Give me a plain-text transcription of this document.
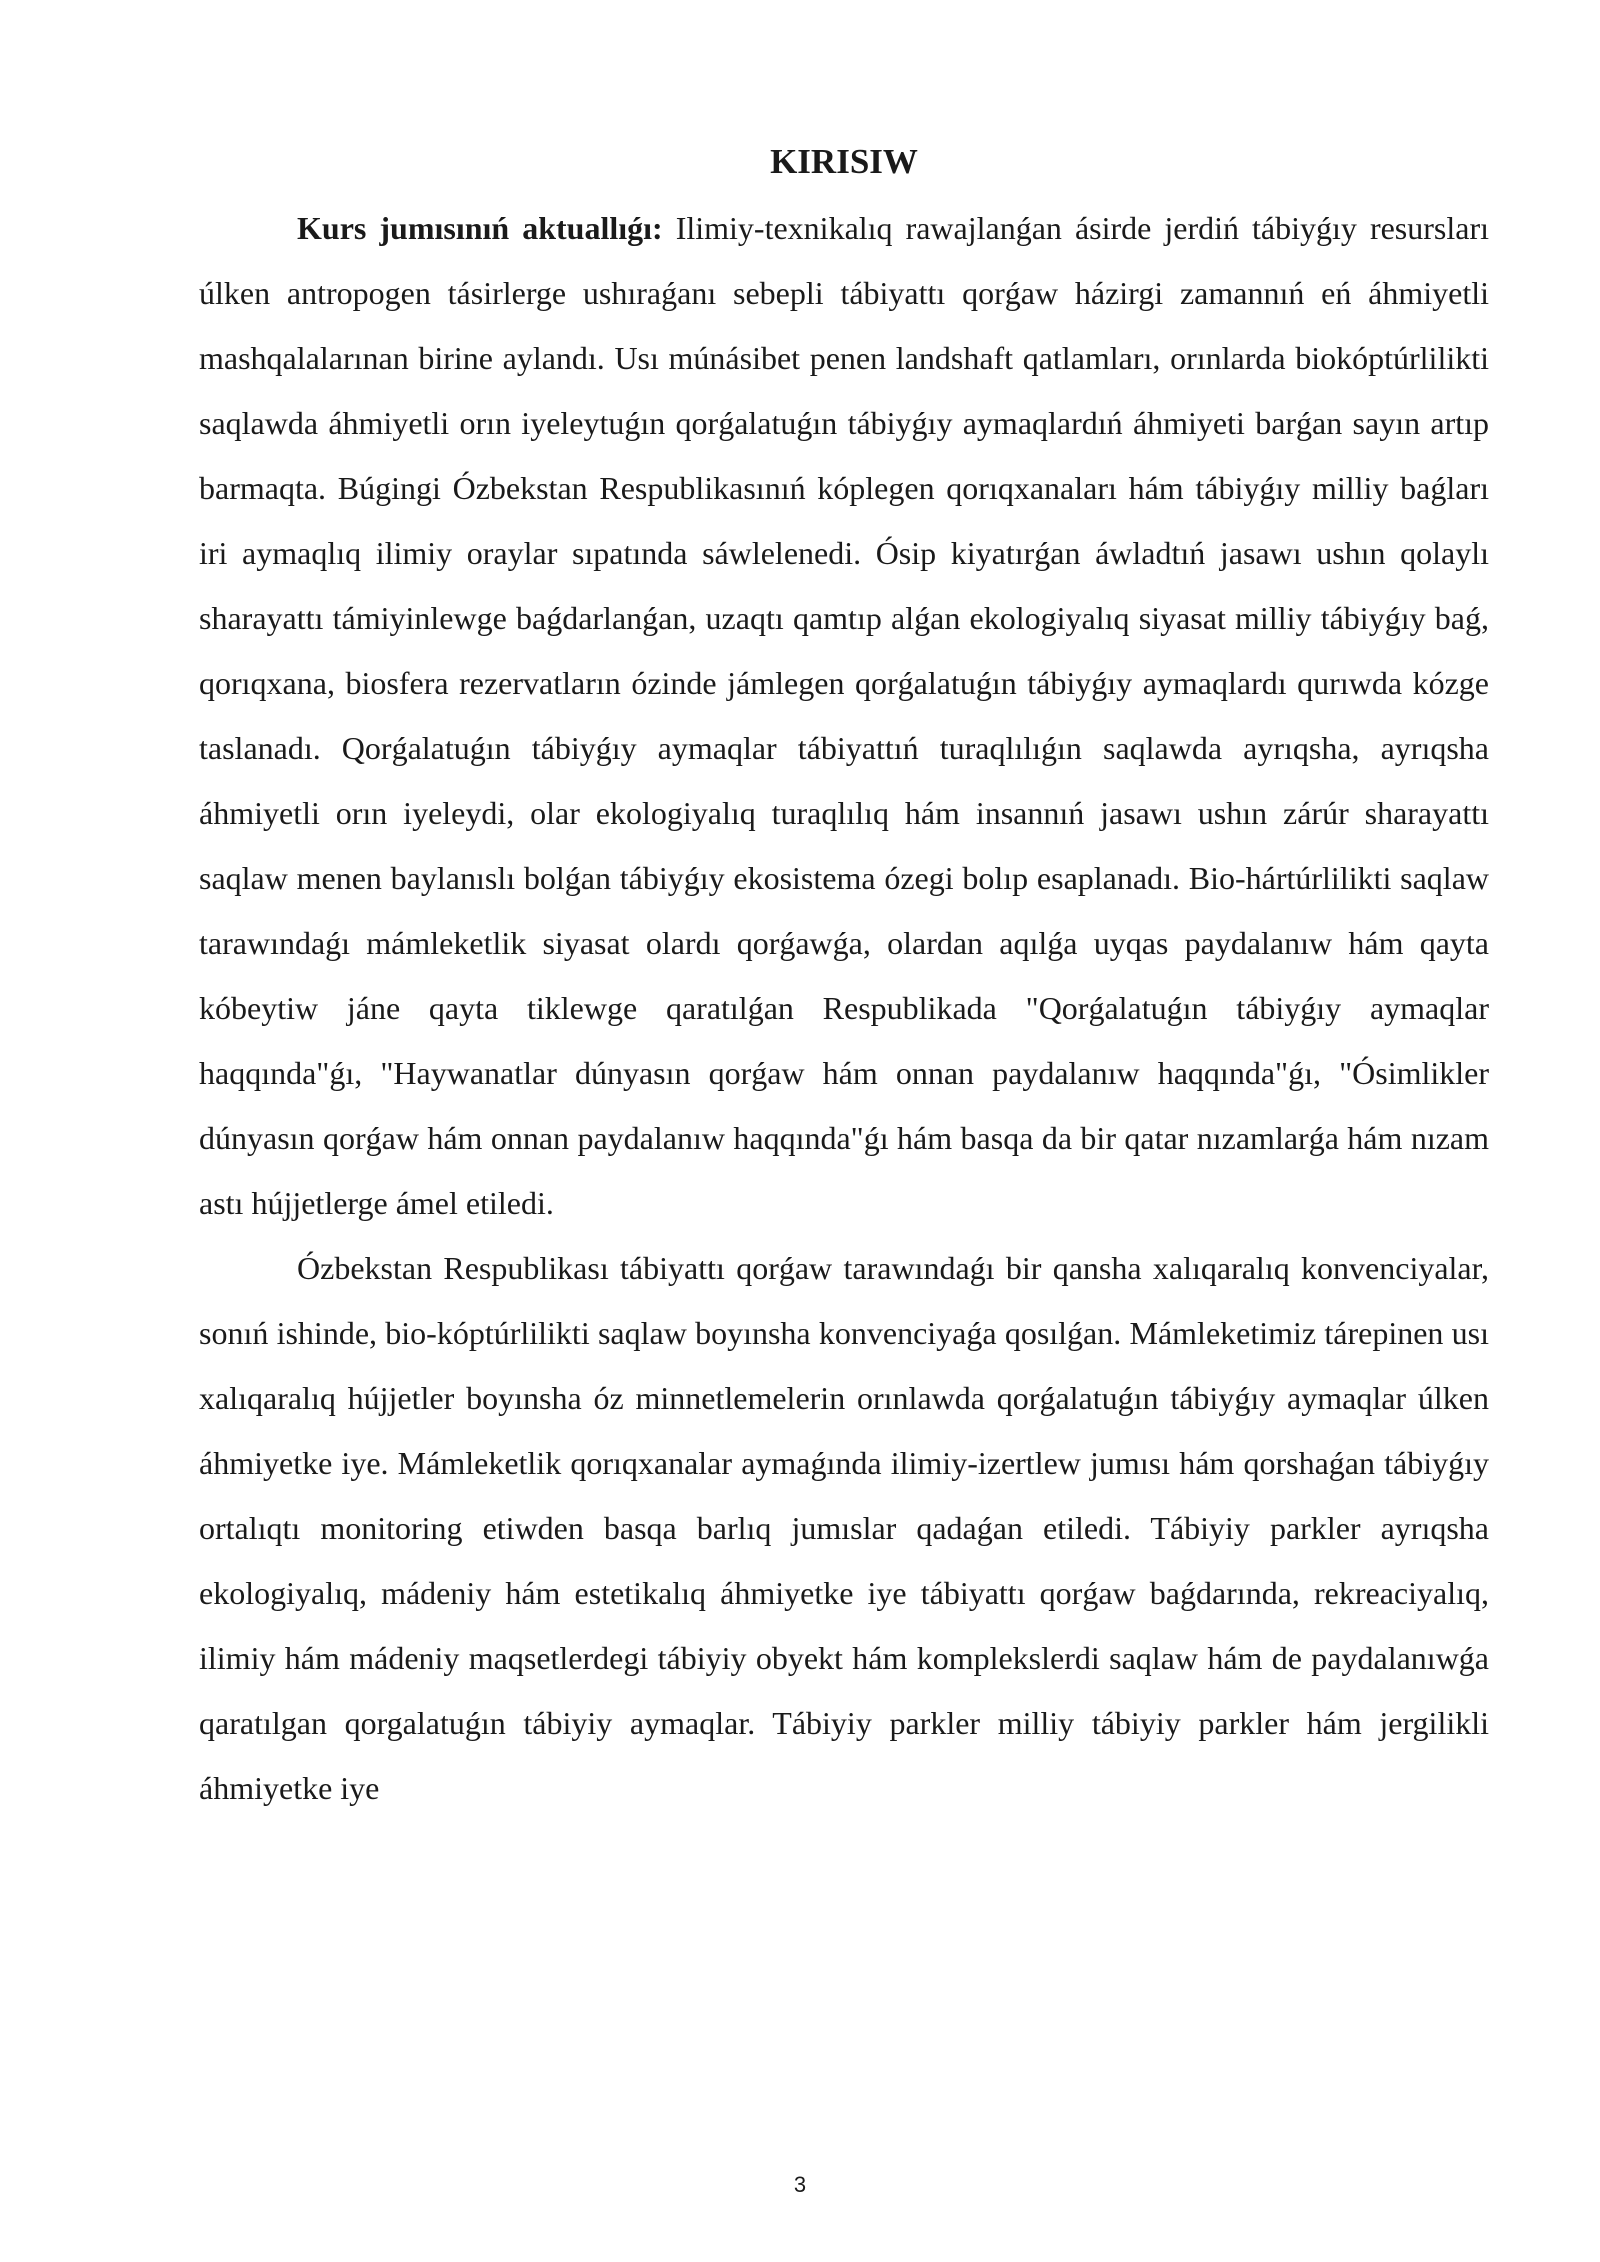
KIRISIW

Kurs jumısınıń aktuallıǵı: Ilimiy-texnikalıq rawajlanǵan ásirde jerdiń tábiyǵıy resursları úlken antropogen tásirlerge ushıraǵanı sebepli tábiyattı qorǵaw házirgi zamannıń eń áhmiyetli mashqalalarınan birine aylandı. Usı múnásibet penen landshaft qatlamları, orınlarda biokóptúrlilikti saqlawda áhmiyetli orın iyeleytuǵın qorǵalatuǵın tábiyǵıy aymaqlardıń áhmiyeti barǵan sayın artıp barmaqta. Búgingi Ózbekstan Respublikasınıń kóplegen qorıqxanaları hám tábiyǵıy milliy baǵları iri aymaqlıq ilimiy oraylar sıpatında sáwlelenedi. Ósip kiyatırǵan áwladtıń jasawı ushın qolaylı sharayattı támiyinlewge baǵdarlanǵan, uzaqtı qamtıp alǵan ekologiyalıq siyasat milliy tábiyǵıy baǵ, qorıqxana, biosfera rezervatların ózinde jámlegen qorǵalatuǵın tábiyǵıy aymaqlardı qurıwda kózge taslanadı. Qorǵalatuǵın tábiyǵıy aymaqlar tábiyattıń turaqlılıǵın saqlawda ayrıqsha, ayrıqsha áhmiyetli orın iyeleydi, olar ekologiyalıq turaqlılıq hám insannıń jasawı ushın zárúr sharayattı saqlaw menen baylanıslı bolǵan tábiyǵıy ekosistema ózegi bolıp esaplanadı. Bio-hártúrlilikti saqlaw tarawındaǵı mámleketlik siyasat olardı qorǵawǵa, olardan aqılǵa uyqas paydalanıw hám qayta kóbeytiw jáne qayta tiklewge qaratılǵan Respublikada "Qorǵalatuǵın tábiyǵıy aymaqlar haqqında"ǵı, "Haywanatlar dúnyasın qorǵaw hám onnan paydalanıw haqqında"ǵı, "Ósimlikler dúnyasın qorǵaw hám onnan paydalanıw haqqında"ǵı hám basqa da bir qatar nızamlarǵa hám nızam astı hújjetlerge ámel etiledi.

Ózbekstan Respublikası tábiyattı qorǵaw tarawındaǵı bir qansha xalıqaralıq konvenciyalar, sonıń ishinde, bio-kóptúrlilikti saqlaw boyınsha konvenciyaǵa qosılǵan. Mámleketimiz tárepinen usı xalıqaralıq hújjetler boyınsha óz minnetlemelerin orınlawda qorǵalatuǵın tábiyǵıy aymaqlar úlken áhmiyetke iye. Mámleketlik qorıqxanalar aymaǵında ilimiy-izertlew jumısı hám qorshaǵan tábiyǵıy ortalıqtı monitoring etiwden basqa barlıq jumıslar qadaǵan etiledi. Tábiyiy parkler ayrıqsha ekologiyalıq, mádeniy hám estetikalıq áhmiyetke iye tábiyattı qorǵaw baǵdarında, rekreaciyalıq, ilimiy hám mádeniy maqsetlerdegi tábiyiy obyekt hám komplekslerdi saqlaw hám de paydalanıwǵa qaratılgan qorgalatuǵın tábiyiy aymaqlar. Tábiyiy parkler milliy tábiyiy parkler hám jergilikli áhmiyetke iye

3
